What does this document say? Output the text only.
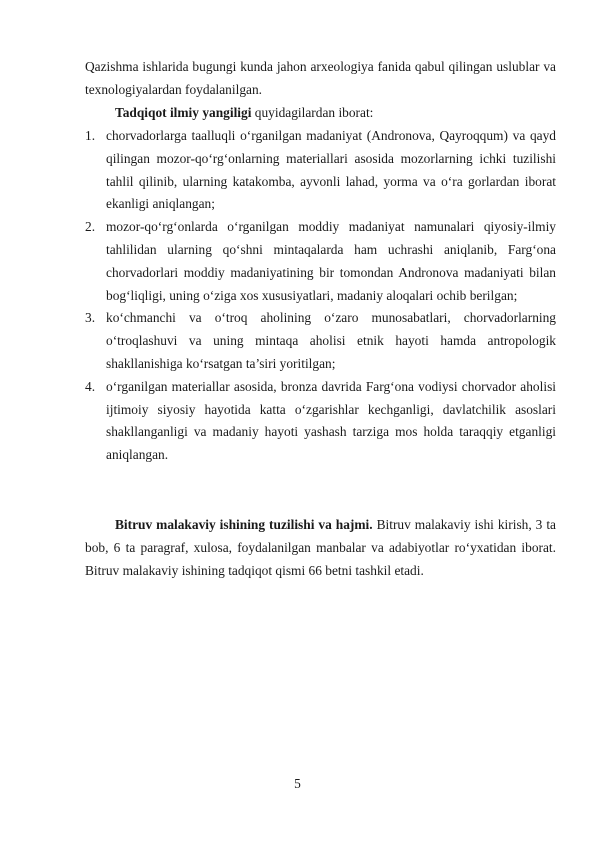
Qazishma ishlarida bugungi kunda jahon arxeologiya fanida qabul qilingan uslublar va texnologiyalardan foydalanilgan.

Tadqiqot ilmiy yangiligi quyidagilardan iborat:

1. chorvadorlarga taalluqli o‘rganilgan madaniyat (Andronova, Qayroqqum) va qayd qilingan mozor-qo‘rg‘onlarning materiallari asosida mozorlarning ichki tuzilishi tahlil qilinib, ularning katakomba, ayvonli lahad, yorma va o‘ra gorlardan iborat ekanligi aniqlangan;
2. mozor-qo‘rg‘onlarda o‘rganilgan moddiy madaniyat namunalari qiyosiy-ilmiy tahlilidan ularning qo‘shni mintaqalarda ham uchrashi aniqlanib, Farg‘ona chorvadorlari moddiy madaniyatining bir tomondan Andronova madaniyati bilan bog‘liqligi, uning o‘ziga xos xususiyatlari, madaniy aloqalari ochib berilgan;
3. ko‘chmanchi va o‘troq aholining o‘zaro munosabatlari, chorvadorlarning o‘troqlashuvi va uning mintaqa aholisi etnik hayoti hamda antropologik shakllanishiga ko‘rsatgan ta’siri yoritilgan;
4. o‘rganilgan materiallar asosida, bronza davrida Farg‘ona vodiysi chorvador aholisi ijtimoiy siyosiy hayotida katta o‘zgarishlar kechganligi, davlatchilik asoslari shakllanganligi va madaniy hayoti yashash tarziga mos holda taraqqiy etganligi aniqlangan.

Bitruv malakaviy ishining tuzilishi va hajmi. Bitruv malakaviy ishi kirish, 3 ta bob, 6 ta paragraf, xulosa, foydalanilgan manbalar va adabiyotlar ro‘yxatidan iborat. Bitruv malakaviy ishining tadqiqot qismi 66 betni tashkil etadi.

5
